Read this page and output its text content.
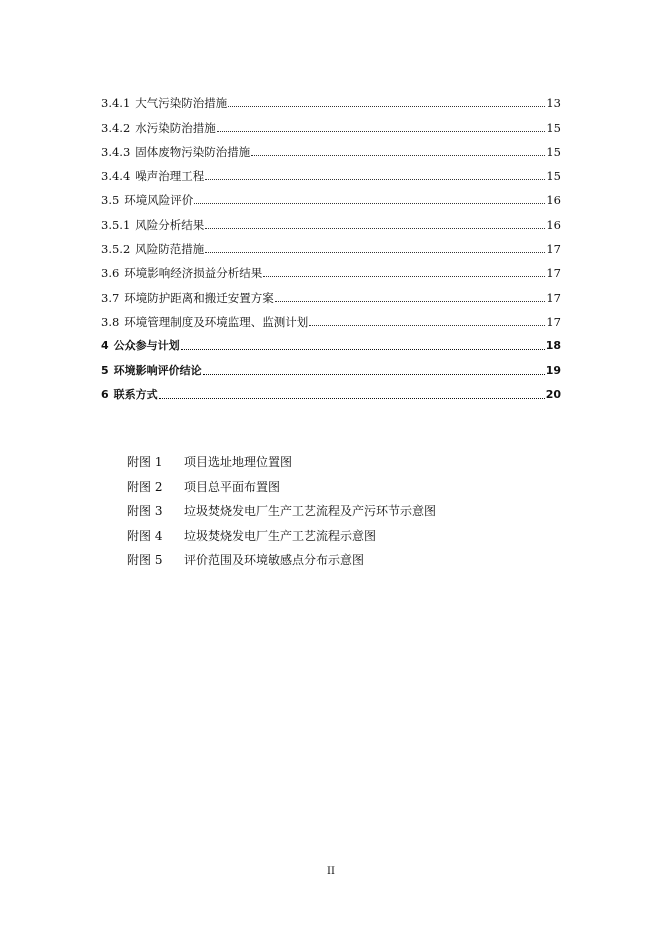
3.4.1 大气污染防治措施	13
3.4.2 水污染防治措施	15
3.4.3 固体废物污染防治措施	15
3.4.4 噪声治理工程	15
3.5 环境风险评价	16
3.5.1 风险分析结果	16
3.5.2 风险防范措施	17
3.6 环境影响经济损益分析结果	17
3.7 环境防护距离和搬迁安置方案	17
3.8 环境管理制度及环境监理、监测计划	17
4 公众参与计划	18
5 环境影响评价结论	19
6 联系方式	20
附图 1	项目选址地理位置图
附图 2	项目总平面布置图
附图 3	垃圾焚烧发电厂生产工艺流程及产污环节示意图
附图 4	垃圾焚烧发电厂生产工艺流程示意图
附图 5	评价范围及环境敏感点分布示意图
II
